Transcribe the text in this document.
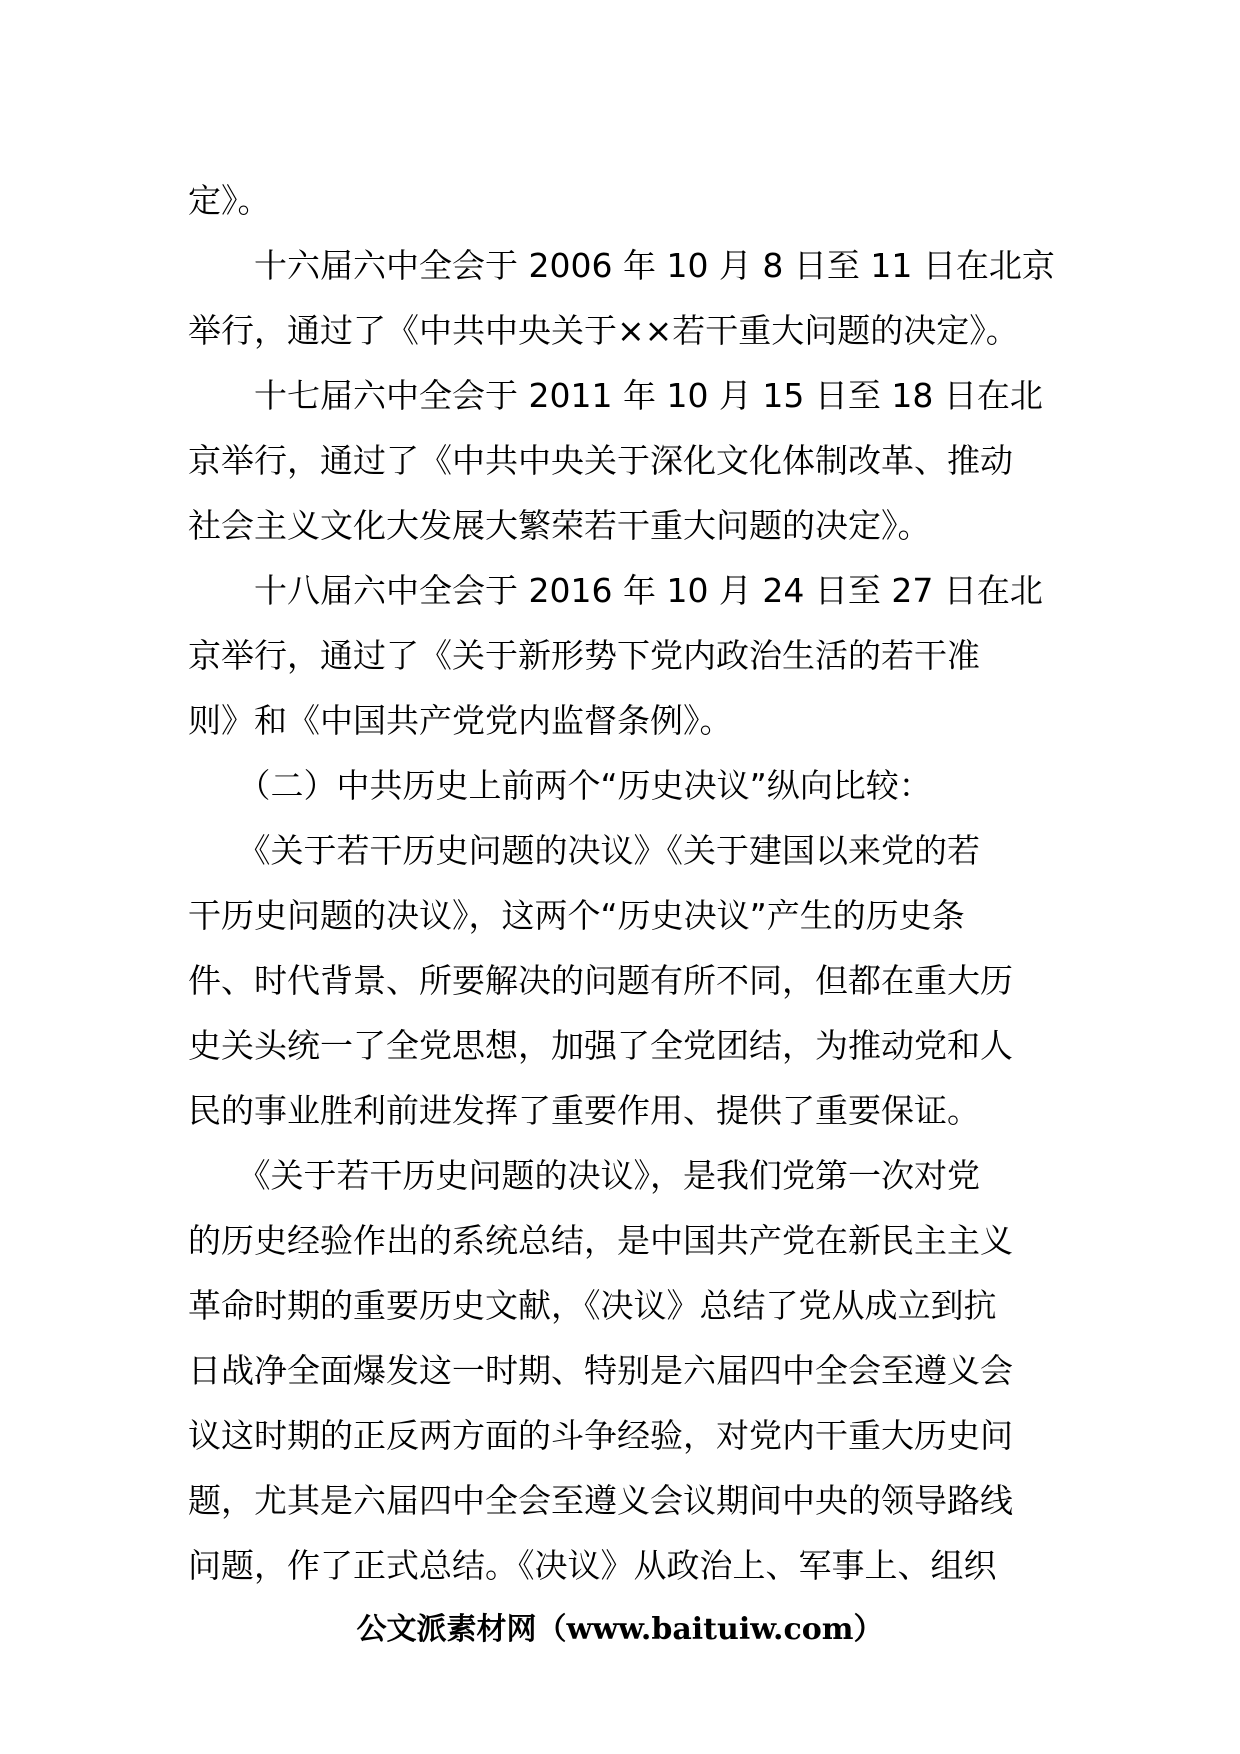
定》。
　　十六届六中全会于 2006 年 10 月 8 日至 11 日在北京
举行，通过了《中共中央关于××若干重大问题的决定》。
　　十七届六中全会于 2011 年 10 月 15 日至 18 日在北
京举行，通过了《中共中央关于深化文化体制改革、推动
社会主义文化大发展大繁荣若干重大问题的决定》。
　　十八届六中全会于 2016 年 10 月 24 日至 27 日在北
京举行，通过了《关于新形势下党内政治生活的若干准
则》和《中国共产党党内监督条例》。
　　（二）中共历史上前两个“历史决议”纵向比较：
　　《关于若干历史问题的决议》《关于建国以来党的若
干历史问题的决议》，这两个“历史决议”产生的历史条
件、时代背景、所要解决的问题有所不同，但都在重大历
史关头统一了全党思想，加强了全党团结，为推动党和人
民的事业胜利前进发挥了重要作用、提供了重要保证。
　　《关于若干历史问题的决议》，是我们党第一次对党
的历史经验作出的系统总结，是中国共产党在新民主主义
革命时期的重要历史文献，《决议》总结了党从成立到抗
日战净全面爆发这一时期、特别是六届四中全会至遵义会
议这时期的正反两方面的斗争经验，对党内干重大历史问
题，尤其是六届四中全会至遵义会议期间中央的领导路线
问题，作了正式总结。《决议》从政治上、军事上、组织
公文派素材网（www.baituiw.com）
